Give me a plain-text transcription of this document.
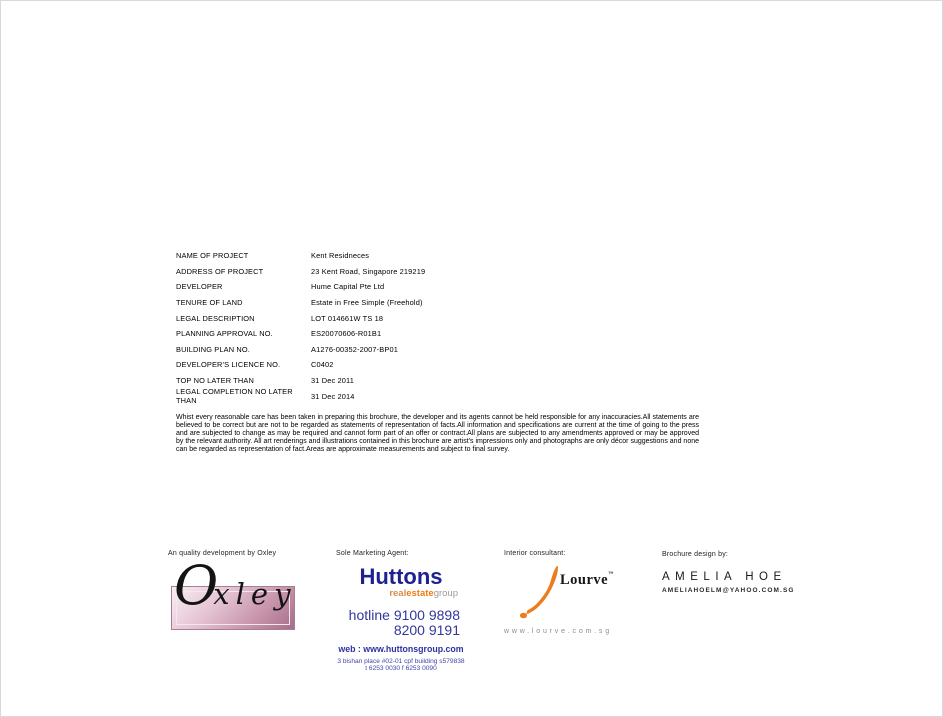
NAME OF PROJECT	Kent Residneces
ADDRESS OF PROJECT	23 Kent Road, Singapore 219219
DEVELOPER	Hume Capital Pte Ltd
TENURE OF LAND	Estate in Free Simple (Freehold)
LEGAL DESCRIPTION	LOT 014661W TS 18
PLANNING APPROVAL NO.	ES20070606-R01B1
BUILDING PLAN NO.	A1276-00352-2007-BP01
DEVELOPER'S LICENCE NO.	C0402
TOP NO LATER THAN	31 Dec 2011
LEGAL COMPLETION NO LATER THAN	31 Dec 2014
Whist every reasonable care has been taken in preparing this brochure, the developer and its agents cannot be held responsible for any inaccuracies.All statements are believed to be correct but are not to be regarded as statements of representation of facts.All information and specifications are current at the time of going to the press and are subjected to change as may be required and cannot form part of an offer or contract.All plans are subjected to any amendments approved or may be approved by the relevant authority. All art renderings and illustrations contained in this brochure are artist's impressions only and photographs are only décor suggestions and none can be regarded as representation of fact.Areas are approximate measurements and subject to final survey.
An quality development by Oxley
O
xley
Sole Marketing Agent:
Huttons
realestategroup
hotline 9100 9898
8200 9191
web : www.huttonsgroup.com
3 bishan place #02-01 cpf building s579838
t 6253 0030 f 6253 0090
Interior consultant:
Lourve™
www.lourve.com.sg
Brochure design by:
AMELIA HOE
AMELIAHOELM@YAHOO.COM.SG
